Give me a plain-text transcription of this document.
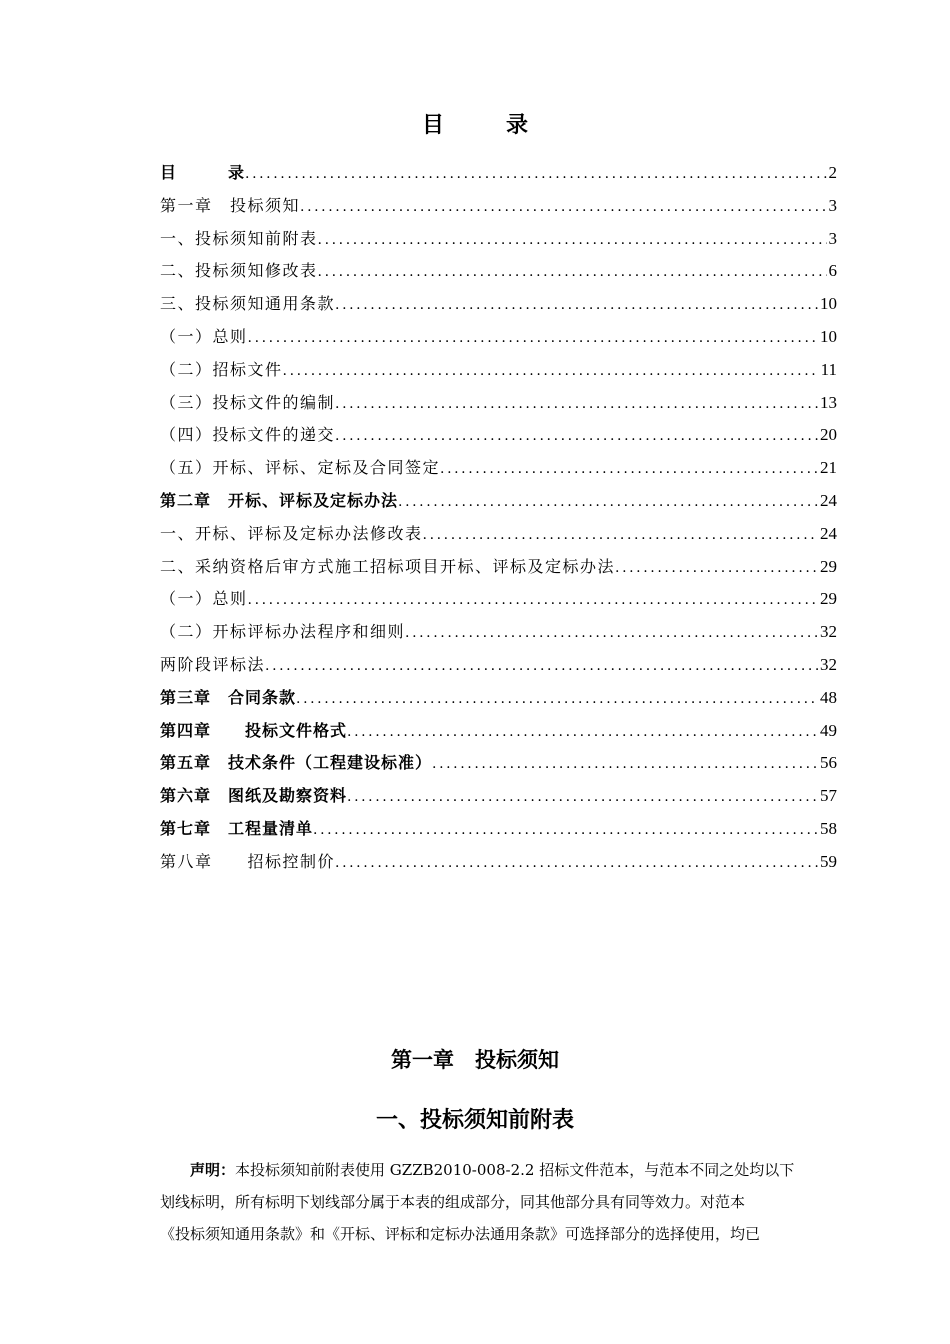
目	录
目　　　录 .....	2
第一章　投标须知 .....	3
一、投标须知前附表 .....	3
二、投标须知修改表 .....	6
三、投标须知通用条款 .....	10
（一）总则 .....	10
（二）招标文件 .....	11
（三）投标文件的编制 .....	13
（四）投标文件的递交 .....	20
（五）开标、评标、定标及合同签定 .....	21
第二章　开标、评标及定标办法 .....	24
一、开标、评标及定标办法修改表 .....	24
二、采纳资格后审方式施工招标项目开标、评标及定标办法 .....	29
（一）总则 .....	29
（二）开标评标办法程序和细则 .....	32
两阶段评标法 .....	32
第三章　合同条款 .....	48
第四章　　投标文件格式 .....	49
第五章　技术条件（工程建设标准） .....	56
第六章　图纸及勘察资料 .....	57
第七章　工程量清单 .....	58
第八章　　招标控制价 .....	59
第一章　投标须知
一、投标须知前附表
声明：本投标须知前附表使用 GZZB2010-008-2.2 招标文件范本，与范本不同之处均以下
划线标明，所有标明下划线部分属于本表的组成部分，同其他部分具有同等效力。对范本
《投标须知通用条款》和《开标、评标和定标办法通用条款》可选择部分的选择使用，均已
